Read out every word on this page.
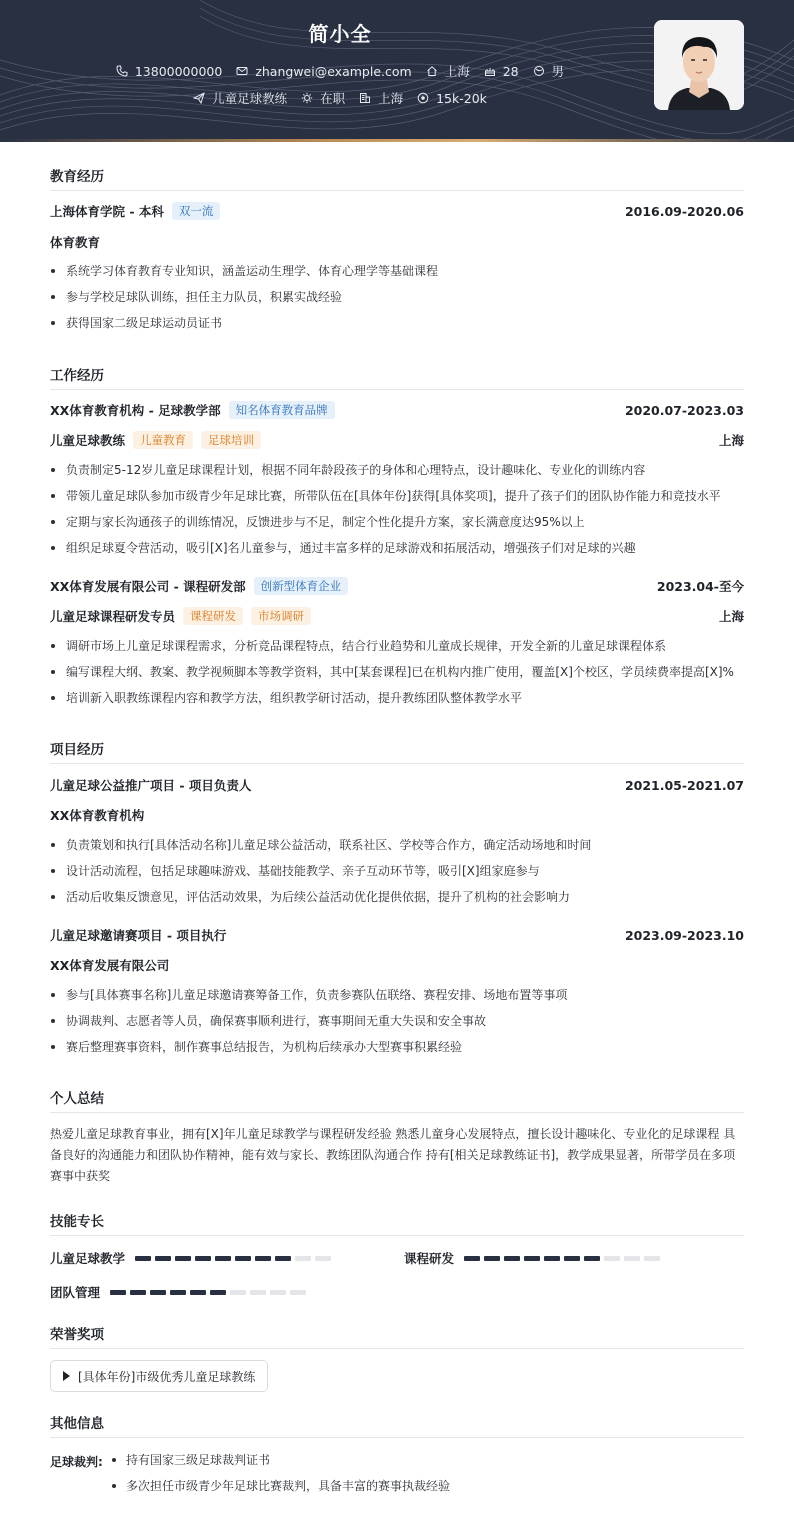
简小全
13800000000	zhangwei@example.com	上海	28	男
儿童足球教练	在职	上海	15k-20k
教育经历
上海体育学院 - 本科	双一流	2016.09-2020.06
体育教育
系统学习体育教育专业知识，涵盖运动生理学、体育心理学等基础课程
参与学校足球队训练，担任主力队员，积累实战经验
获得国家二级足球运动员证书
工作经历
XX体育教育机构 - 足球教学部	知名体育教育品牌	2020.07-2023.03
儿童足球教练	儿童教育	足球培训	上海
负责制定5-12岁儿童足球课程计划，根据不同年龄段孩子的身体和心理特点，设计趣味化、专业化的训练内容
带领儿童足球队参加市级青少年足球比赛，所带队伍在[具体年份]获得[具体奖项]，提升了孩子们的团队协作能力和竞技水平
定期与家长沟通孩子的训练情况，反馈进步与不足，制定个性化提升方案，家长满意度达95%以上
组织足球夏令营活动，吸引[X]名儿童参与，通过丰富多样的足球游戏和拓展活动，增强孩子们对足球的兴趣
XX体育发展有限公司 - 课程研发部	创新型体育企业	2023.04-至今
儿童足球课程研发专员	课程研发	市场调研	上海
调研市场上儿童足球课程需求，分析竞品课程特点，结合行业趋势和儿童成长规律，开发全新的儿童足球课程体系
编写课程大纲、教案、教学视频脚本等教学资料，其中[某套课程]已在机构内推广使用，覆盖[X]个校区，学员续费率提高[X]%
培训新入职教练课程内容和教学方法，组织教学研讨活动，提升教练团队整体教学水平
项目经历
儿童足球公益推广项目 - 项目负责人	2021.05-2021.07
XX体育教育机构
负责策划和执行[具体活动名称]儿童足球公益活动，联系社区、学校等合作方，确定活动场地和时间
设计活动流程，包括足球趣味游戏、基础技能教学、亲子互动环节等，吸引[X]组家庭参与
活动后收集反馈意见，评估活动效果，为后续公益活动优化提供依据，提升了机构的社会影响力
儿童足球邀请赛项目 - 项目执行	2023.09-2023.10
XX体育发展有限公司
参与[具体赛事名称]儿童足球邀请赛筹备工作，负责参赛队伍联络、赛程安排、场地布置等事项
协调裁判、志愿者等人员，确保赛事顺利进行，赛事期间无重大失误和安全事故
赛后整理赛事资料，制作赛事总结报告，为机构后续承办大型赛事积累经验
个人总结
热爱儿童足球教育事业，拥有[X]年儿童足球教学与课程研发经验 熟悉儿童身心发展特点，擅长设计趣味化、专业化的足球课程 具备良好的沟通能力和团队协作精神，能有效与家长、教练团队沟通合作 持有[相关足球教练证书]，教学成果显著，所带学员在多项赛事中获奖
技能专长
儿童足球教学	课程研发
团队管理
荣誉奖项
[具体年份]市级优秀儿童足球教练
其他信息
足球裁判:	持有国家三级足球裁判证书
多次担任市级青少年足球比赛裁判，具备丰富的赛事执裁经验
